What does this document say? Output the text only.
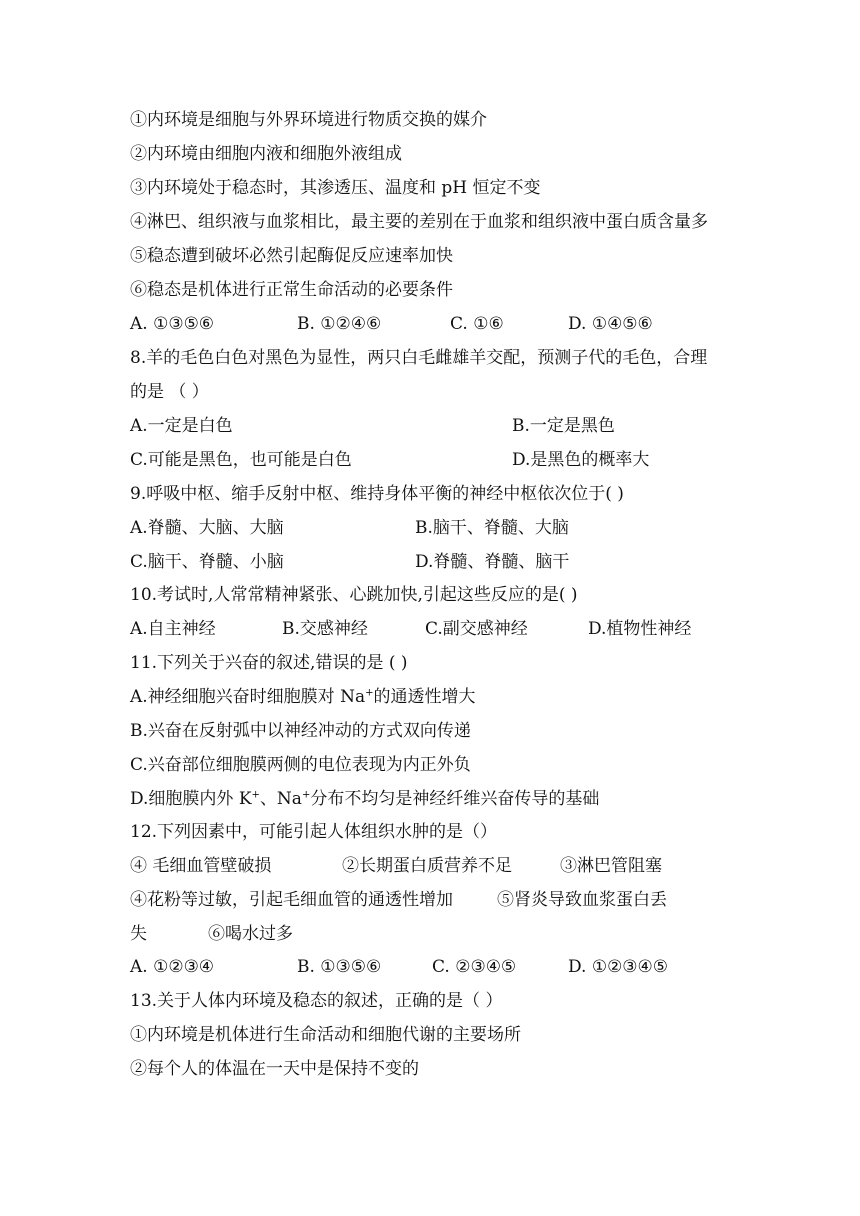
①内环境是细胞与外界环境进行物质交换的媒介
②内环境由细胞内液和细胞外液组成
③内环境处于稳态时，其渗透压、温度和 pH 恒定不变
④淋巴、组织液与血浆相比，最主要的差别在于血浆和组织液中蛋白质含量多
⑤稳态遭到破坏必然引起酶促反应速率加快
⑥稳态是机体进行正常生命活动的必要条件
A. ①③⑤⑥	B. ①②④⑥	C. ①⑥	D. ①④⑤⑥
8.羊的毛色白色对黑色为显性，两只白毛雌雄羊交配，预测子代的毛色，合理
的是 （ ）
A.一定是白色	B.一定是黑色
C.可能是黑色，也可能是白色	D.是黑色的概率大
9.呼吸中枢、缩手反射中枢、维持身体平衡的神经中枢依次位于( )
A.脊髓、大脑、大脑	B.脑干、脊髓、大脑
C.脑干、脊髓、小脑	D.脊髓、脊髓、脑干
10.考试时,人常常精神紧张、心跳加快,引起这些反应的是( )
A.自主神经	B.交感神经	C.副交感神经	D.植物性神经
11.下列关于兴奋的叙述,错误的是 ( )
A.神经细胞兴奋时细胞膜对 Na+的通透性增大
B.兴奋在反射弧中以神经冲动的方式双向传递
C.兴奋部位细胞膜两侧的电位表现为内正外负
D.细胞膜内外 K+、Na+分布不均匀是神经纤维兴奋传导的基础
12.下列因素中，可能引起人体组织水肿的是（）
④ 毛细血管壁破损	②长期蛋白质营养不足	③淋巴管阻塞
④花粉等过敏，引起毛细血管的通透性增加	⑤肾炎导致血浆蛋白丢
失	⑥喝水过多
A. ①②③④	B. ①③⑤⑥	C. ②③④⑤	D. ①②③④⑤
13.关于人体内环境及稳态的叙述，正确的是（ ）
①内环境是机体进行生命活动和细胞代谢的主要场所
②每个人的体温在一天中是保持不变的
